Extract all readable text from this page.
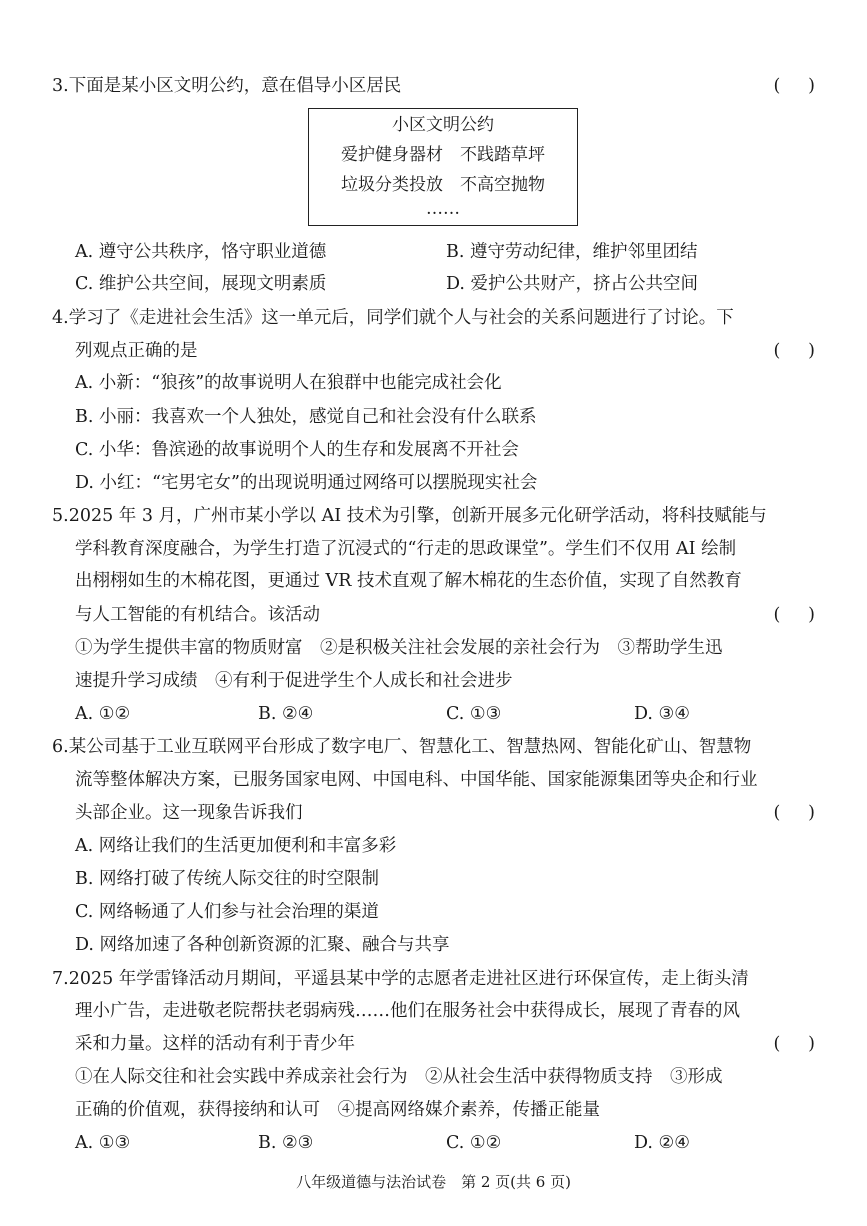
3.下面是某小区文明公约，意在倡导小区居民	(     )
小区文明公约
爱护健身器材　不践踏草坪
垃圾分类投放　不高空抛物
……
A. 遵守公共秩序，恪守职业道德	B. 遵守劳动纪律，维护邻里团结
C. 维护公共空间，展现文明素质	D. 爱护公共财产，挤占公共空间
4.学习了《走进社会生活》这一单元后，同学们就个人与社会的关系问题进行了讨论。下
列观点正确的是	(     )
A. 小新：“狼孩”的故事说明人在狼群中也能完成社会化
B. 小丽：我喜欢一个人独处，感觉自己和社会没有什么联系
C. 小华：鲁滨逊的故事说明个人的生存和发展离不开社会
D. 小红：“宅男宅女”的出现说明通过网络可以摆脱现实社会
5.2025 年 3 月，广州市某小学以 AI 技术为引擎，创新开展多元化研学活动，将科技赋能与
学科教育深度融合，为学生打造了沉浸式的“行走的思政课堂”。学生们不仅用 AI 绘制
出栩栩如生的木棉花图，更通过 VR 技术直观了解木棉花的生态价值，实现了自然教育
与人工智能的有机结合。该活动	(     )
①为学生提供丰富的物质财富　②是积极关注社会发展的亲社会行为　③帮助学生迅
速提升学习成绩　④有利于促进学生个人成长和社会进步
A. ①②	B. ②④	C. ①③	D. ③④
6.某公司基于工业互联网平台形成了数字电厂、智慧化工、智慧热网、智能化矿山、智慧物
流等整体解决方案，已服务国家电网、中国电科、中国华能、国家能源集团等央企和行业
头部企业。这一现象告诉我们	(     )
A. 网络让我们的生活更加便利和丰富多彩
B. 网络打破了传统人际交往的时空限制
C. 网络畅通了人们参与社会治理的渠道
D. 网络加速了各种创新资源的汇聚、融合与共享
7.2025 年学雷锋活动月期间，平遥县某中学的志愿者走进社区进行环保宣传，走上街头清
理小广告，走进敬老院帮扶老弱病残……他们在服务社会中获得成长，展现了青春的风
采和力量。这样的活动有利于青少年	(     )
①在人际交往和社会实践中养成亲社会行为　②从社会生活中获得物质支持　③形成
正确的价值观，获得接纳和认可　④提高网络媒介素养，传播正能量
A. ①③	B. ②③	C. ①②	D. ②④
八年级道德与法治试卷　第 2 页(共 6 页)
